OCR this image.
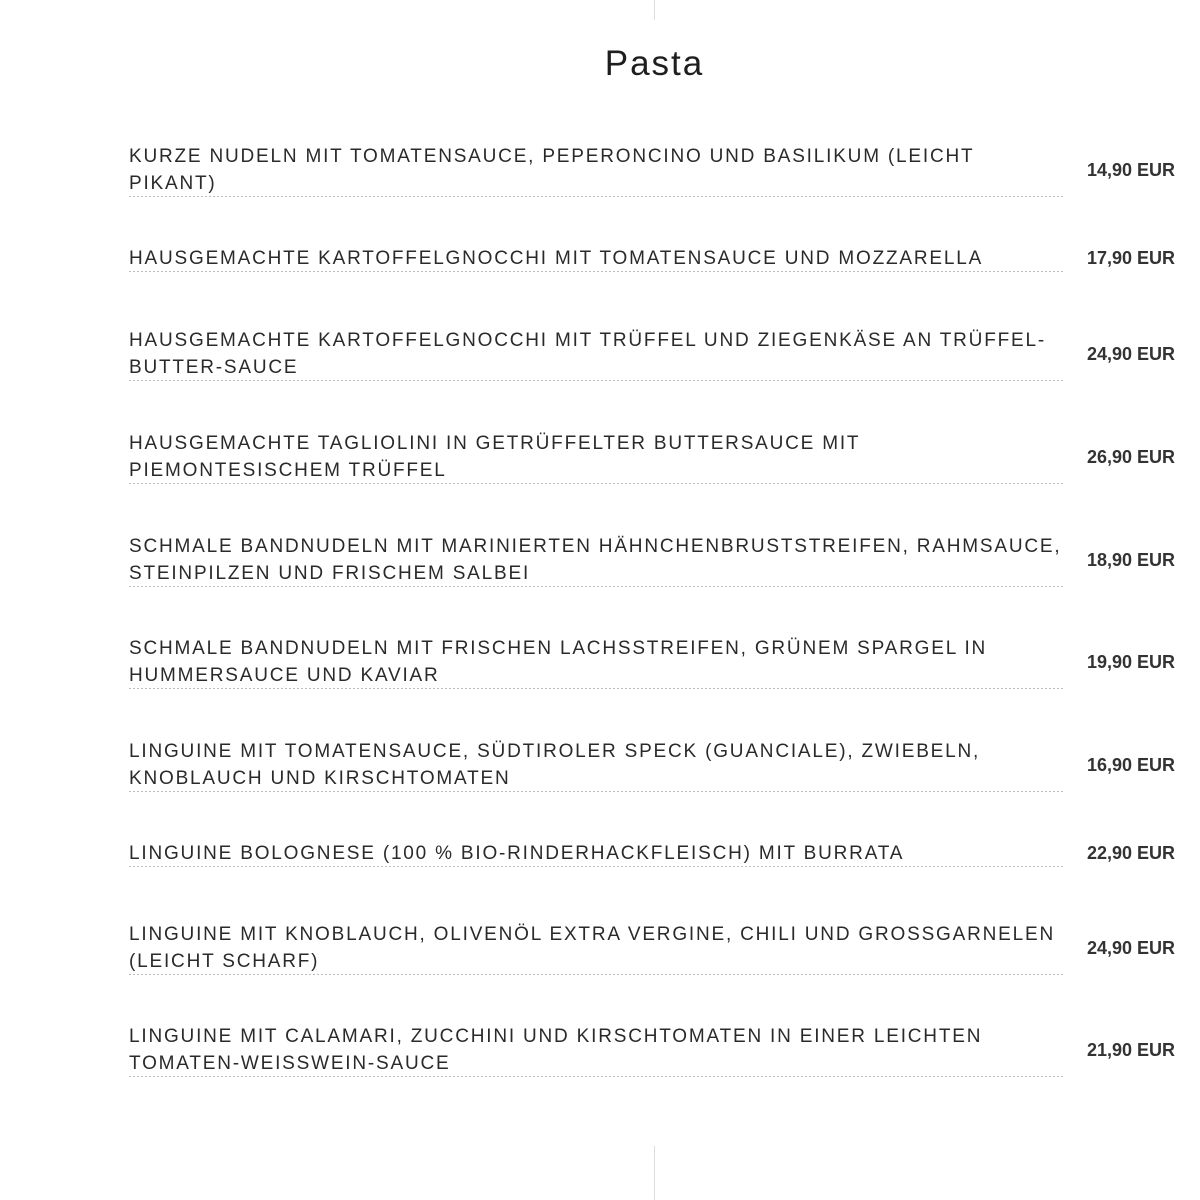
Pasta
KURZE NUDELN MIT TOMATENSAUCE, PEPERONCINO UND BASILIKUM (LEICHT PIKANT)
14,90 EUR
HAUSGEMACHTE KARTOFFELGNOCCHI MIT TOMATENSAUCE UND MOZZARELLA	17,90 EUR
HAUSGEMACHTE KARTOFFELGNOCCHI MIT TRÜFFEL UND ZIEGENKÄSE AN TRÜFFEL-BUTTER-SAUCE
24,90 EUR
HAUSGEMACHTE TAGLIOLINI IN GETRÜFFELTER BUTTERSAUCE MIT PIEMONTESISCHEM TRÜFFEL
26,90 EUR
SCHMALE BANDNUDELN MIT MARINIERTEN HÄHNCHENBRUSTSTREIFEN, RAHMSAUCE, STEINPILZEN UND FRISCHEM SALBEI
18,90 EUR
SCHMALE BANDNUDELN MIT FRISCHEN LACHSSTREIFEN, GRÜNEM SPARGEL IN HUMMERSAUCE UND KAVIAR
19,90 EUR
LINGUINE MIT TOMATENSAUCE, SÜDTIROLER SPECK (GUANCIALE), ZWIEBELN, KNOBLAUCH UND KIRSCHTOMATEN
16,90 EUR
LINGUINE BOLOGNESE (100 % BIO-RINDERHACKFLEISCH) MIT BURRATA	22,90 EUR
LINGUINE MIT KNOBLAUCH, OLIVENÖL EXTRA VERGINE, CHILI UND GROSSGARNELEN (LEICHT SCHARF)
24,90 EUR
LINGUINE MIT CALAMARI, ZUCCHINI UND KIRSCHTOMATEN IN EINER LEICHTEN TOMATEN-WEISSWEIN-SAUCE
21,90 EUR
